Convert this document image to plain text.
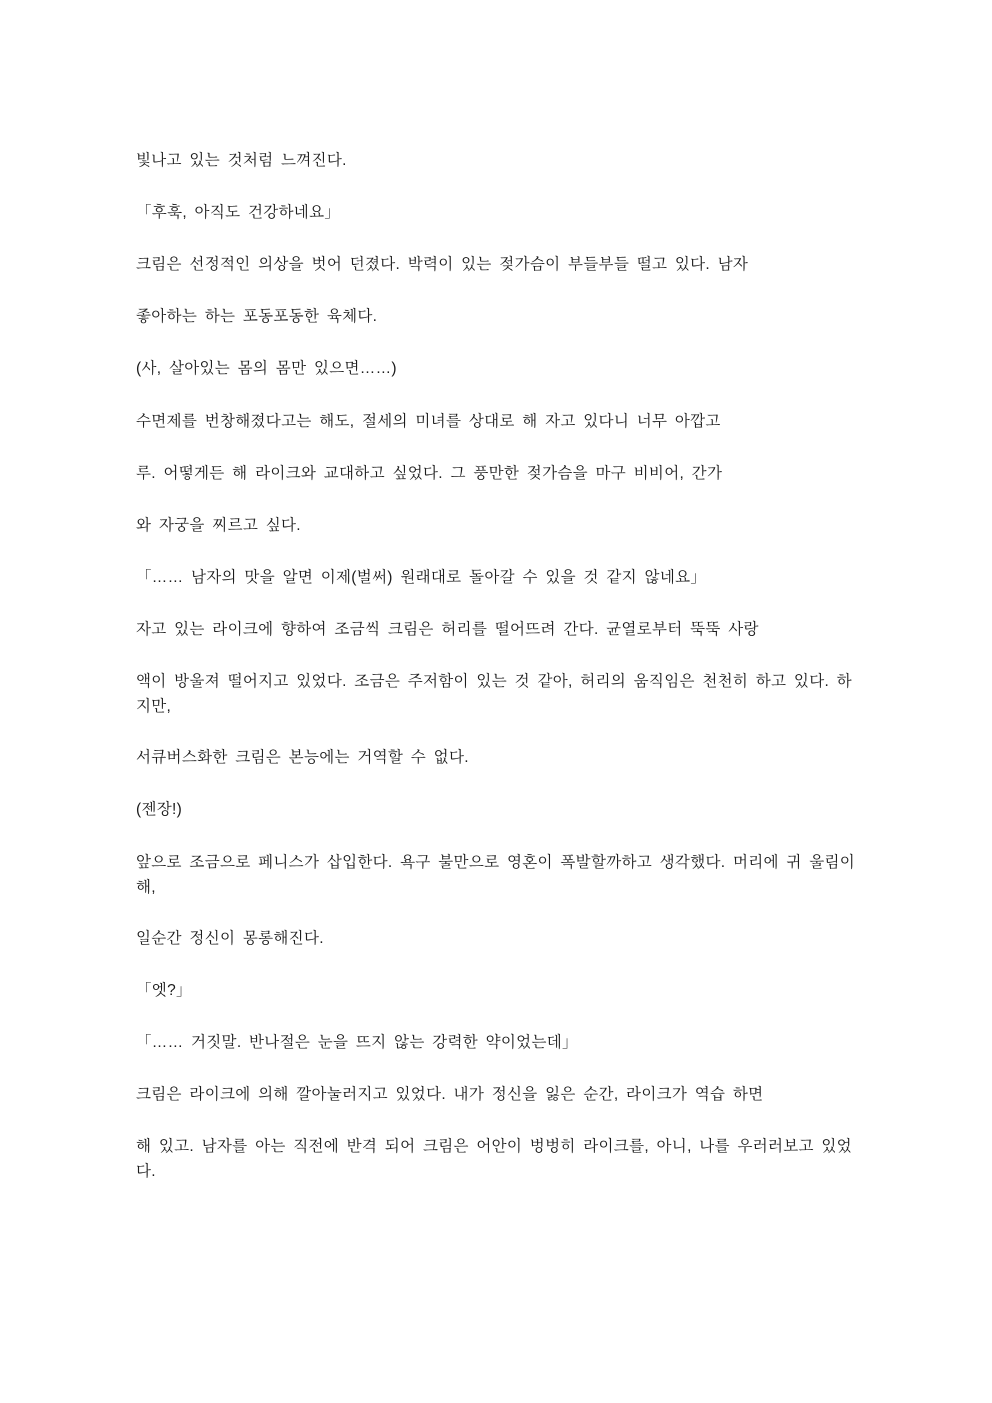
빛나고 있는 것처럼 느껴진다.

「후훅, 아직도 건강하네요」

크림은 선정적인 의상을 벗어 던졌다. 박력이 있는 젖가슴이 부들부들 떨고 있다. 남자

좋아하는 하는 포동포동한 육체다.

(사, 살아있는 몸의 몸만 있으면……)

수면제를 번창해졌다고는 해도, 절세의 미녀를 상대로 해 자고 있다니 너무 아깝고

루. 어떻게든 해 라이크와 교대하고 싶었다. 그 풍만한 젖가슴을 마구 비비어, 간가

와 자궁을 찌르고 싶다.

「…… 남자의 맛을 알면 이제(벌써) 원래대로 돌아갈 수 있을 것 같지 않네요」

자고 있는 라이크에 향하여 조금씩 크림은 허리를 떨어뜨려 간다. 균열로부터 뚝뚝 사랑

액이 방울져 떨어지고 있었다. 조금은 주저함이 있는 것 같아, 허리의 움직임은 천천히 하고 있다. 하지만,

서큐버스화한 크림은 본능에는 거역할 수 없다.

(젠장!)

앞으로 조금으로 페니스가 삽입한다. 욕구 불만으로 영혼이 폭발할까하고 생각했다. 머리에 귀 울림이 해,

일순간 정신이 몽롱해진다.

「엣?」

「…… 거짓말. 반나절은 눈을 뜨지 않는 강력한 약이었는데」

크림은 라이크에 의해 깔아눌러지고 있었다. 내가 정신을 잃은 순간, 라이크가 역습 하면

해 있고. 남자를 아는 직전에 반격 되어 크림은 어안이 벙벙히 라이크를, 아니, 나를 우러러보고 있었다.
